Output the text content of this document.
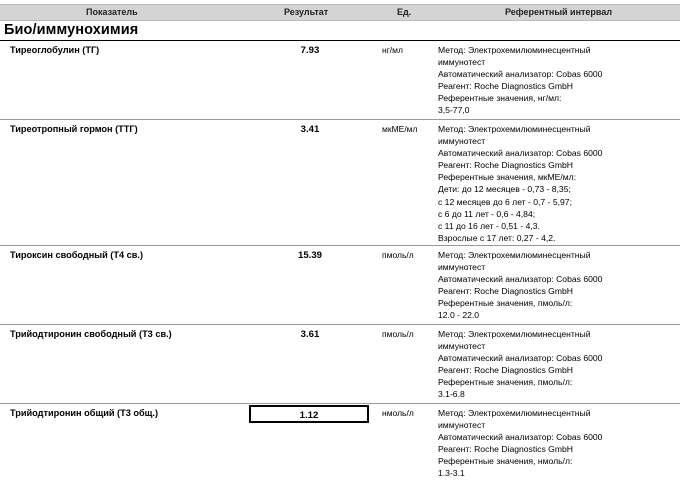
Показатель	Результат	Ед.	Референтный интервал
Био/иммунохимия
Тиреоглобулин (ТГ)	7.93	нг/мл	Метод: Электрохемилюминесцентный
иммунотест
Автоматический анализатор: Cobas 6000
Реагент: Roche Diagnostics GmbH
Референтные значения, нг/мл:
3,5-77,0
Тиреотропный гормон (ТТГ)	3.41	мкМЕ/мл Метод: Электрохемилюминесцентный
иммунотест
Автоматический анализатор: Cobas 6000
Реагент: Roche Diagnostics GmbH
Референтные значения, мкМЕ/мл:
Дети: до 12 месяцев - 0,73 - 8,35;
с 12 месяцев до 6 лет - 0,7 - 5,97;
с 6 до 11 лет - 0,6 - 4,84;
с 11 до 16 лет - 0,51 - 4,3.
Взрослые с 17 лет: 0,27 - 4,2.
Тироксин свободный (Т4 св.)	15.39	пмоль/л	Метод: Электрохемилюминесцентный
иммунотест
Автоматический анализатор: Cobas 6000
Реагент: Roche Diagnostics GmbH
Референтные значения, пмоль/л:
12.0 - 22.0
Трийодтиронин свободный (Т3 св.)	3.61	пмоль/л	Метод: Электрохемилюминесцентный
иммунотест
Автоматический анализатор: Cobas 6000
Реагент: Roche Diagnostics GmbH
Референтные значения, пмоль/л:
3.1-6.8
Трийодтиронин общий (Т3 общ.)	1.12	нмоль/л	Метод: Электрохемилюминесцентный
иммунотест
Автоматический анализатор: Cobas 6000
Реагент: Roche Diagnostics GmbH
Референтные значения, нмоль/л:
1.3-3.1
